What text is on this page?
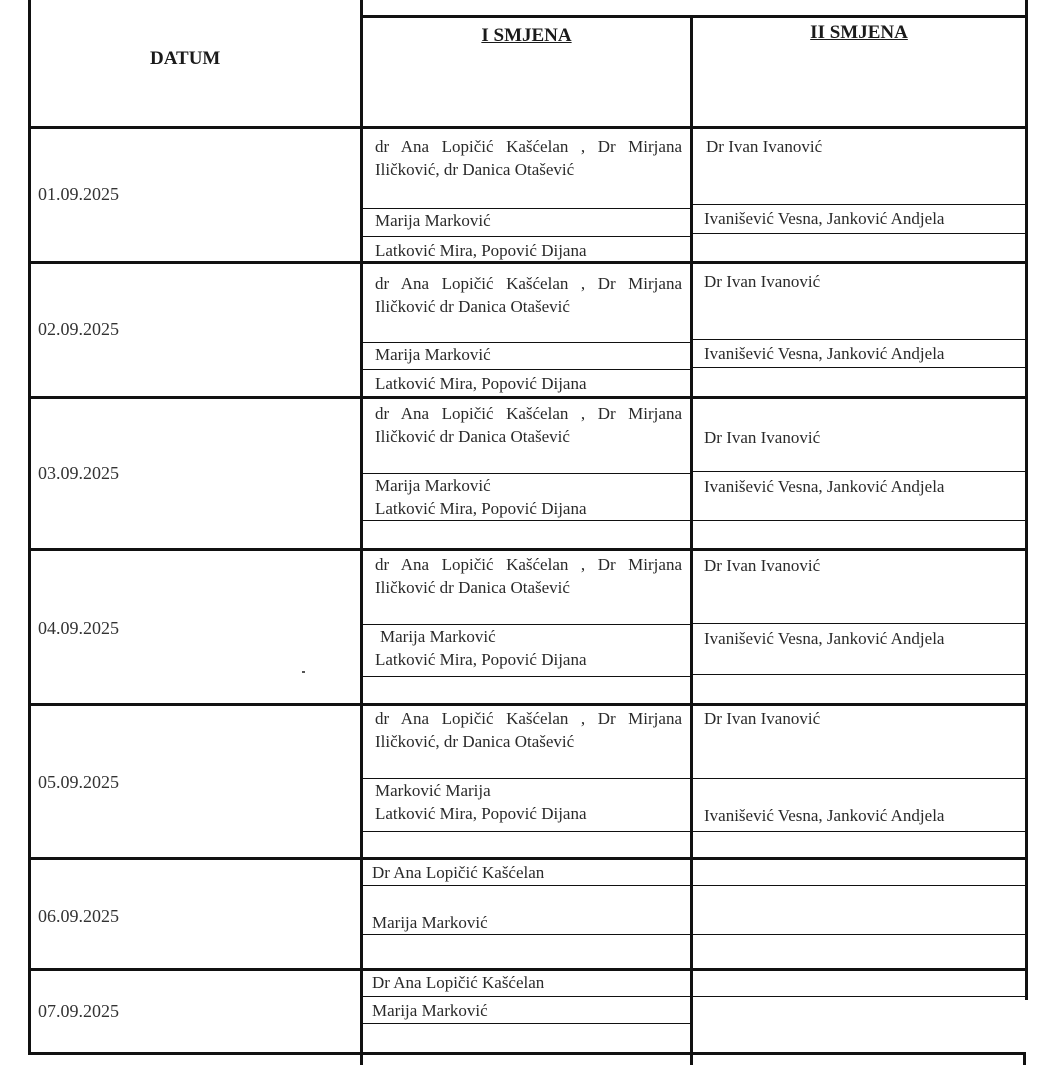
DATUM
I SMJENA	II SMJENA
01.09.2025
dr Ana Lopičić Kašćelan , Dr Mirjana Iličković, dr Danica Otašević
Marija Marković
Latković Mira, Popović Dijana
Dr Ivan Ivanović
Ivanišević Vesna, Janković Andjela
02.09.2025
dr Ana Lopičić Kašćelan , Dr Mirjana Iličković dr Danica Otašević
Marija Marković
Latković Mira, Popović Dijana
Dr Ivan Ivanović
Ivanišević Vesna, Janković Andjela
03.09.2025
dr Ana Lopičić Kašćelan , Dr Mirjana Iličković dr Danica Otašević
Marija Marković
Latković Mira, Popović Dijana
Dr Ivan Ivanović
Ivanišević Vesna, Janković Andjela
04.09.2025
dr Ana Lopičić Kašćelan , Dr Mirjana Iličković dr Danica Otašević
Marija Marković
Latković Mira, Popović Dijana
Dr Ivan Ivanović
Ivanišević Vesna, Janković Andjela
05.09.2025
dr Ana Lopičić Kašćelan , Dr Mirjana Iličković, dr Danica Otašević
Marković Marija
Latković Mira, Popović Dijana
Dr Ivan Ivanović
Ivanišević Vesna, Janković Andjela
06.09.2025
Dr Ana Lopičić Kašćelan
Marija Marković
07.09.2025
Dr Ana Lopičić Kašćelan
Marija Marković
